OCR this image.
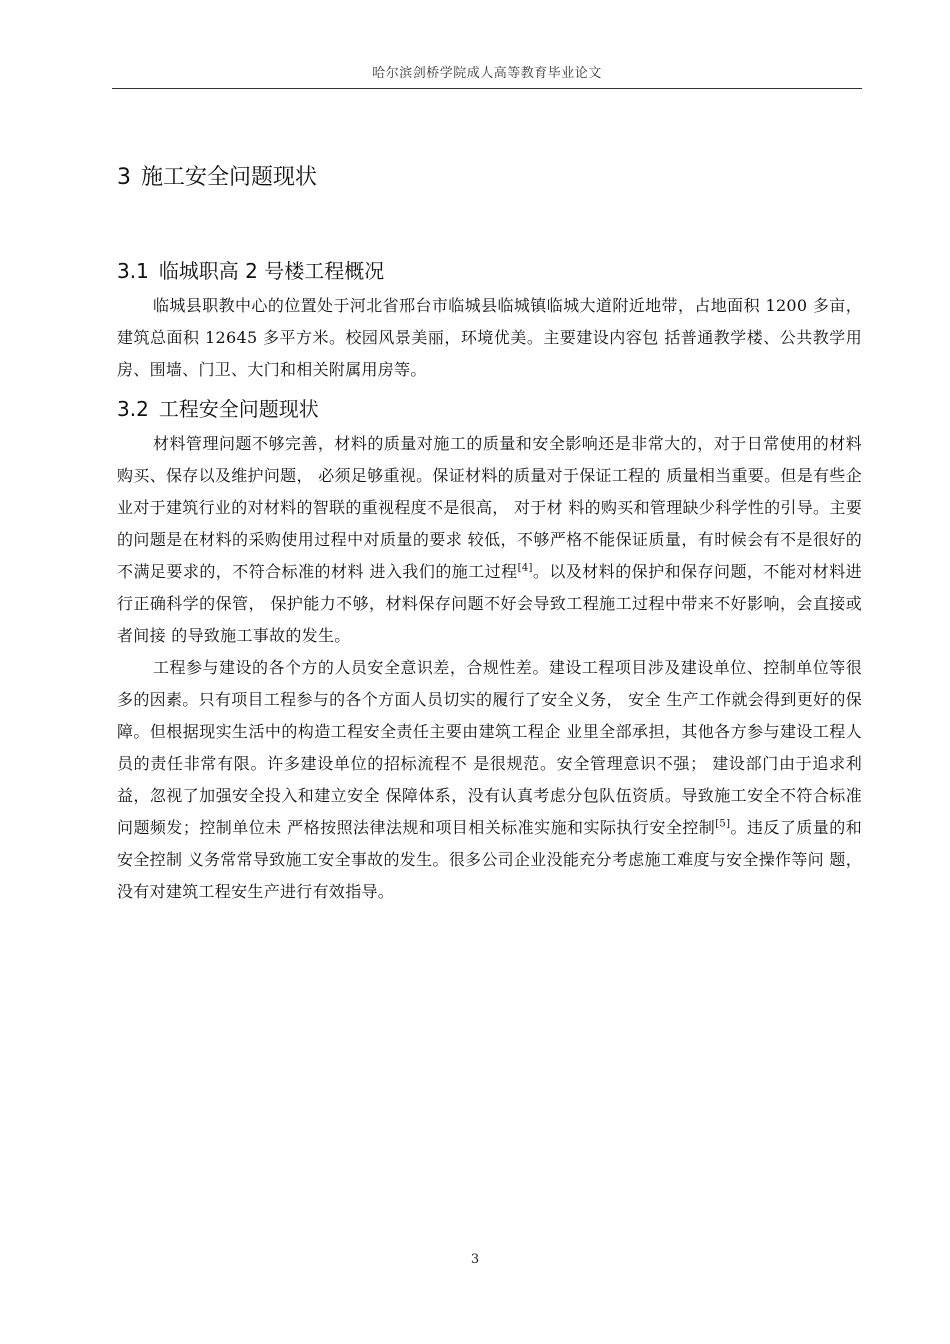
哈尔滨剑桥学院成人高等教育毕业论文
3 施工安全问题现状
3.1 临城职高 2 号楼工程概况

临城县职教中心的位置处于河北省邢台市临城县临城镇临城大道附近地带，占地面积 1200 多亩，建筑总面积 12645 多平方米。校园风景美丽，环境优美。主要建设内容包 括普通教学楼、公共教学用房、围墙、门卫、大门和相关附属用房等。

3.2 工程安全问题现状

材料管理问题不够完善，材料的质量对施工的质量和安全影响还是非常大的，对于日常使用的材料购买、保存以及维护问题， 必须足够重视。保证材料的质量对于保证工程的 质量相当重要。但是有些企业对于建筑行业的对材料的智联的重视程度不是很高， 对于材 料的购买和管理缺少科学性的引导。主要的问题是在材料的采购使用过程中对质量的要求 较低，不够严格不能保证质量，有时候会有不是很好的不满足要求的，不符合标准的材料 进入我们的施工过程[4]。以及材料的保护和保存问题，不能对材料进行正确科学的保管， 保护能力不够，材料保存问题不好会导致工程施工过程中带来不好影响，会直接或者间接 的导致施工事故的发生。

工程参与建设的各个方的人员安全意识差，合规性差。建设工程项目涉及建设单位、控制单位等很多的因素。只有项目工程参与的各个方面人员切实的履行了安全义务， 安全 生产工作就会得到更好的保障。但根据现实生活中的构造工程安全责任主要由建筑工程企 业里全部承担，其他各方参与建设工程人员的责任非常有限。许多建设单位的招标流程不 是很规范。安全管理意识不强； 建设部门由于追求利益，忽视了加强安全投入和建立安全 保障体系，没有认真考虑分包队伍资质。导致施工安全不符合标准问题频发；控制单位未 严格按照法律法规和项目相关标准实施和实际执行安全控制[5]。违反了质量的和安全控制 义务常常导致施工安全事故的发生。很多公司企业没能充分考虑施工难度与安全操作等问 题，没有对建筑工程安生产进行有效指导。

3
